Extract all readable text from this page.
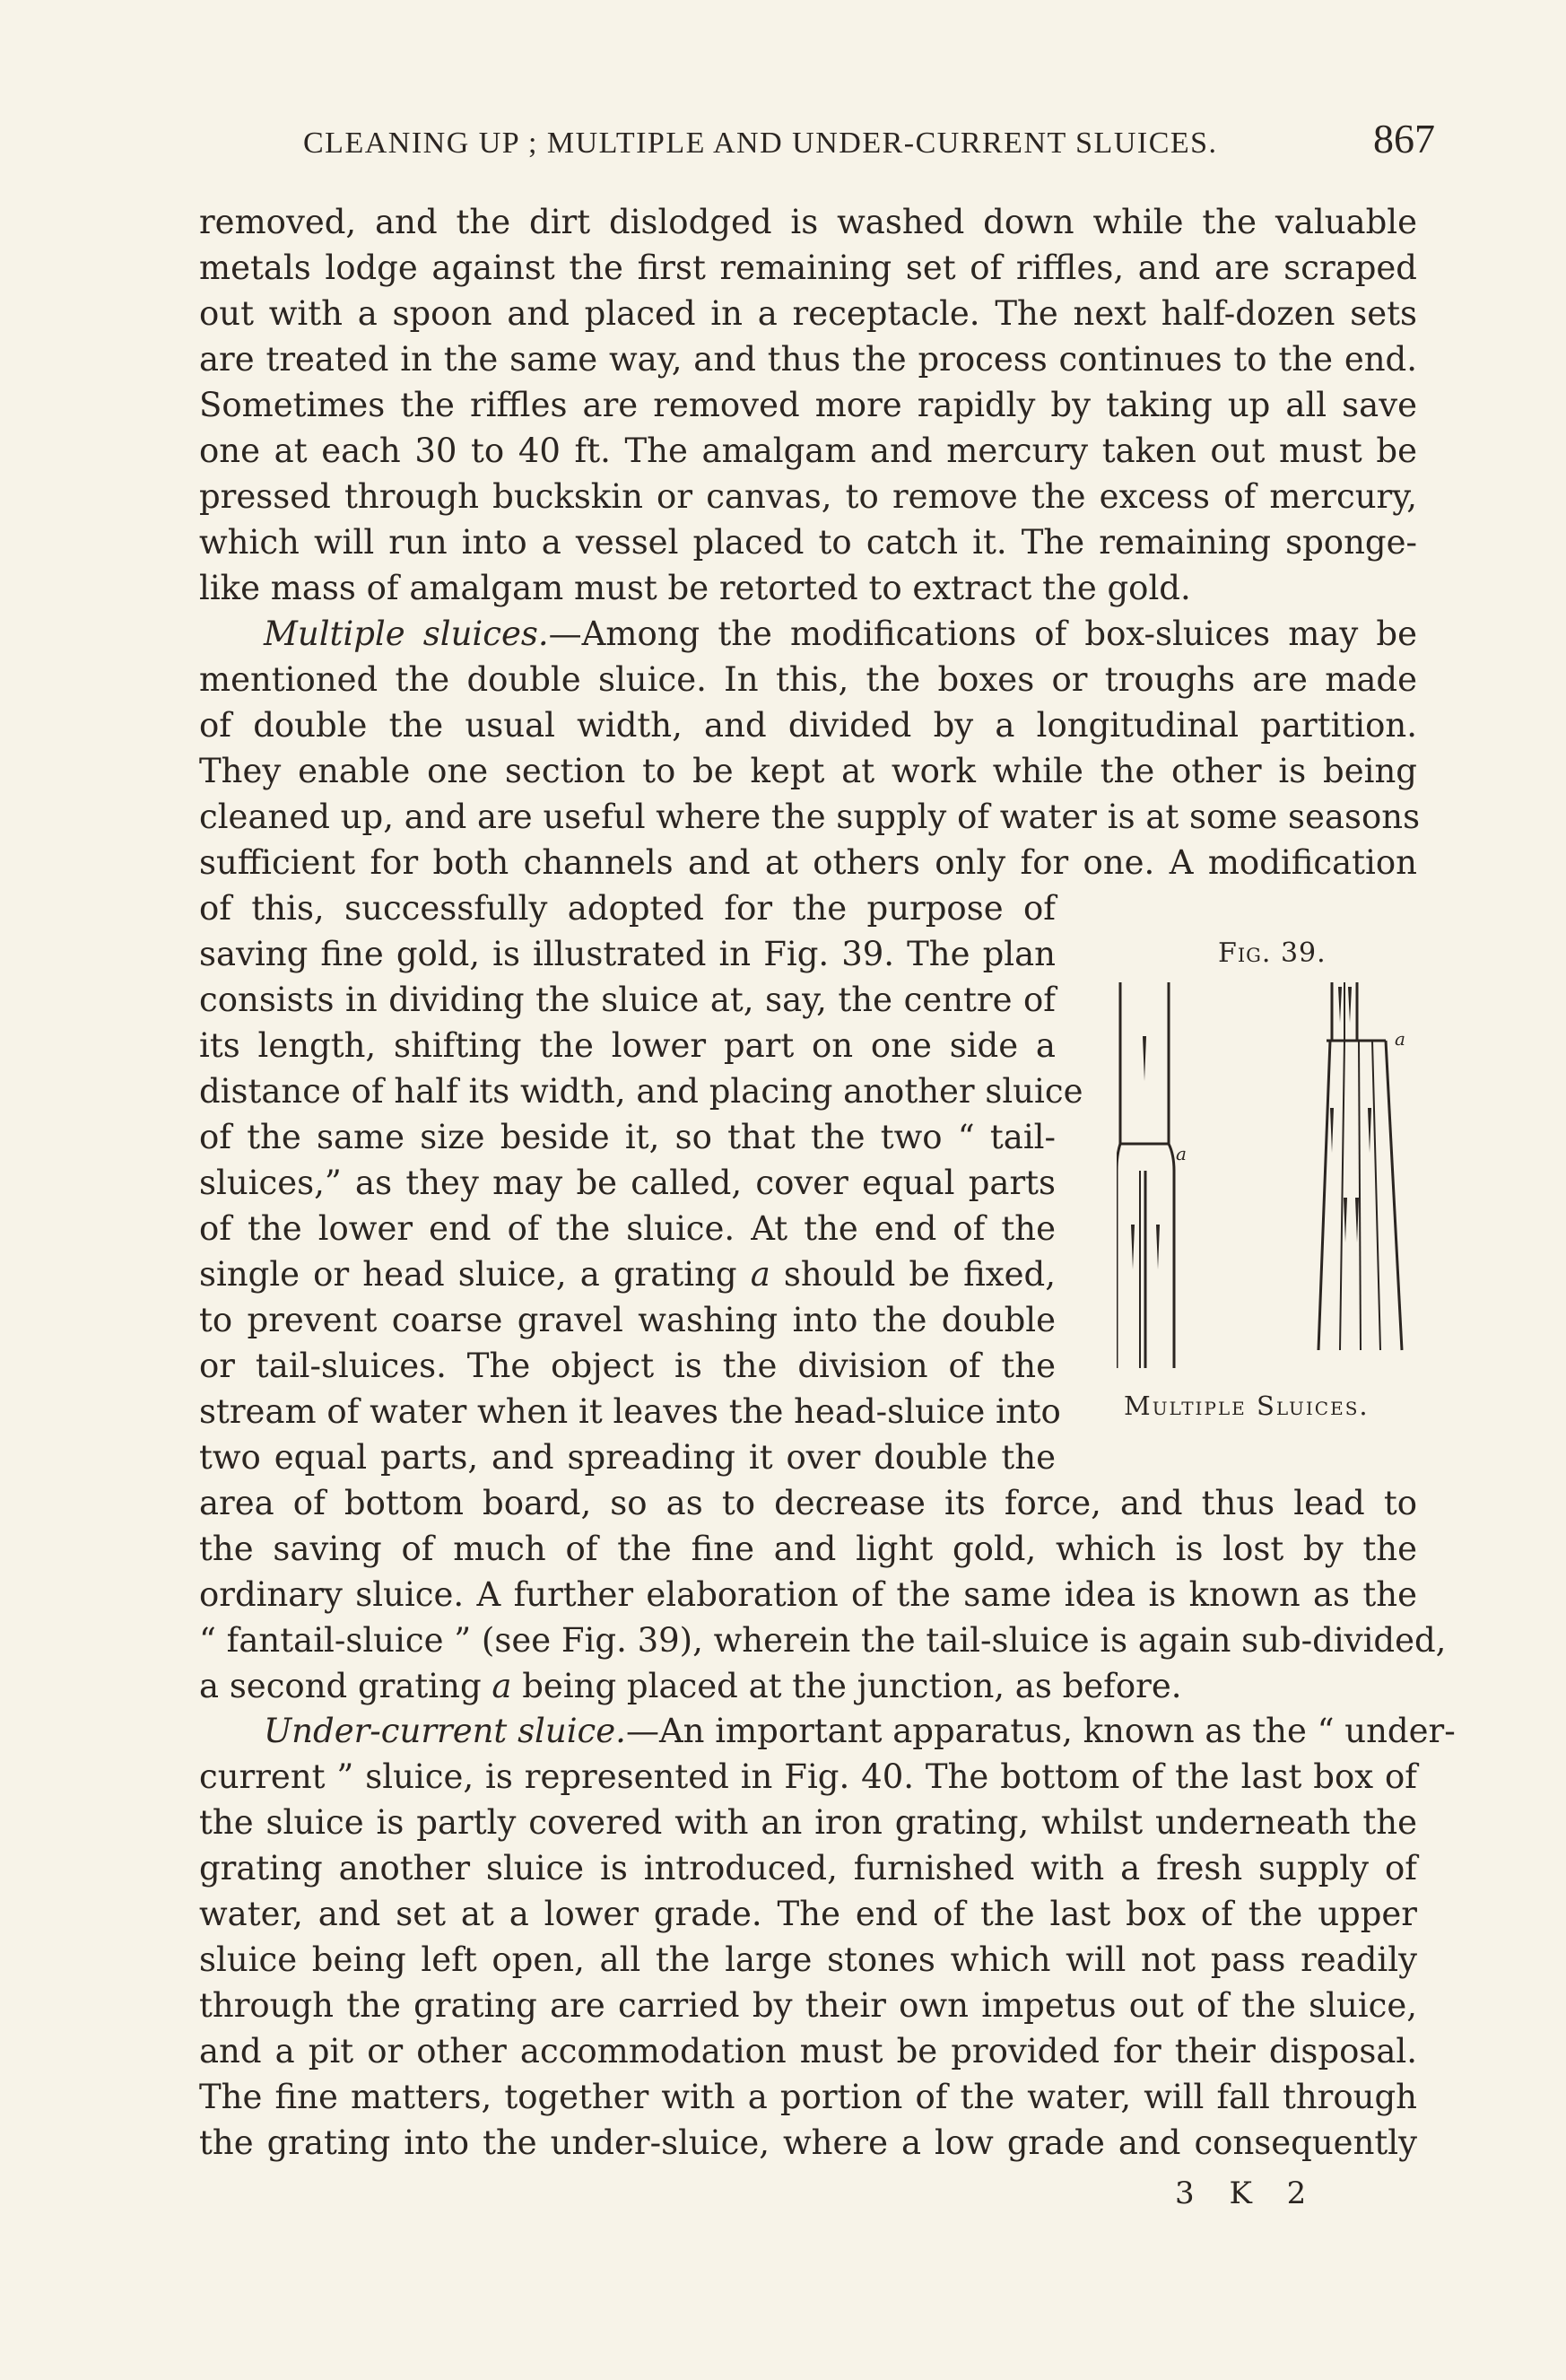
CLEANING UP ; MULTIPLE AND UNDER-CURRENT SLUICES.	867
removed, and the dirt dislodged is washed down while the valuable
metals lodge against the first remaining set of riffles, and are scraped
out with a spoon and placed in a receptacle. The next half-dozen sets
are treated in the same way, and thus the process continues to the end.
Sometimes the riffles are removed more rapidly by taking up all save
one at each 30 to 40 ft. The amalgam and mercury taken out must be
pressed through buckskin or canvas, to remove the excess of mercury,
which will run into a vessel placed to catch it. The remaining sponge-
like mass of amalgam must be retorted to extract the gold.
Multiple sluices.—Among the modifications of box-sluices may be
mentioned the double sluice. In this, the boxes or troughs are made
of double the usual width, and divided by a longitudinal partition.
They enable one section to be kept at work while the other is being
cleaned up, and are useful where the supply of water is at some seasons
sufficient for both channels and at others only for one. A modification
of this, successfully adopted for the purpose of
saving fine gold, is illustrated in Fig. 39. The plan
consists in dividing the sluice at, say, the centre of
its length, shifting the lower part on one side a
distance of half its width, and placing another sluice
of the same size beside it, so that the two “ tail-
sluices,” as they may be called, cover equal parts
of the lower end of the sluice. At the end of the
single or head sluice, a grating a should be fixed,
to prevent coarse gravel washing into the double
or tail-sluices. The object is the division of the
stream of water when it leaves the head-sluice into
two equal parts, and spreading it over double the
area of bottom board, so as to decrease its force, and thus lead to
the saving of much of the fine and light gold, which is lost by the
ordinary sluice. A further elaboration of the same idea is known as the
“ fantail-sluice ” (see Fig. 39), wherein the tail-sluice is again sub-divided,
a second grating a being placed at the junction, as before.
Under-current sluice.—An important apparatus, known as the “ under-
current ” sluice, is represented in Fig. 40. The bottom of the last box of
the sluice is partly covered with an iron grating, whilst underneath the
grating another sluice is introduced, furnished with a fresh supply of
water, and set at a lower grade. The end of the last box of the upper
sluice being left open, all the large stones which will not pass readily
through the grating are carried by their own impetus out of the sluice,
and a pit or other accommodation must be provided for their disposal.
The fine matters, together with a portion of the water, will fall through
the grating into the under-sluice, where a low grade and consequently
Fig. 39.
a
a
Multiple Sluices.
3 K 2
